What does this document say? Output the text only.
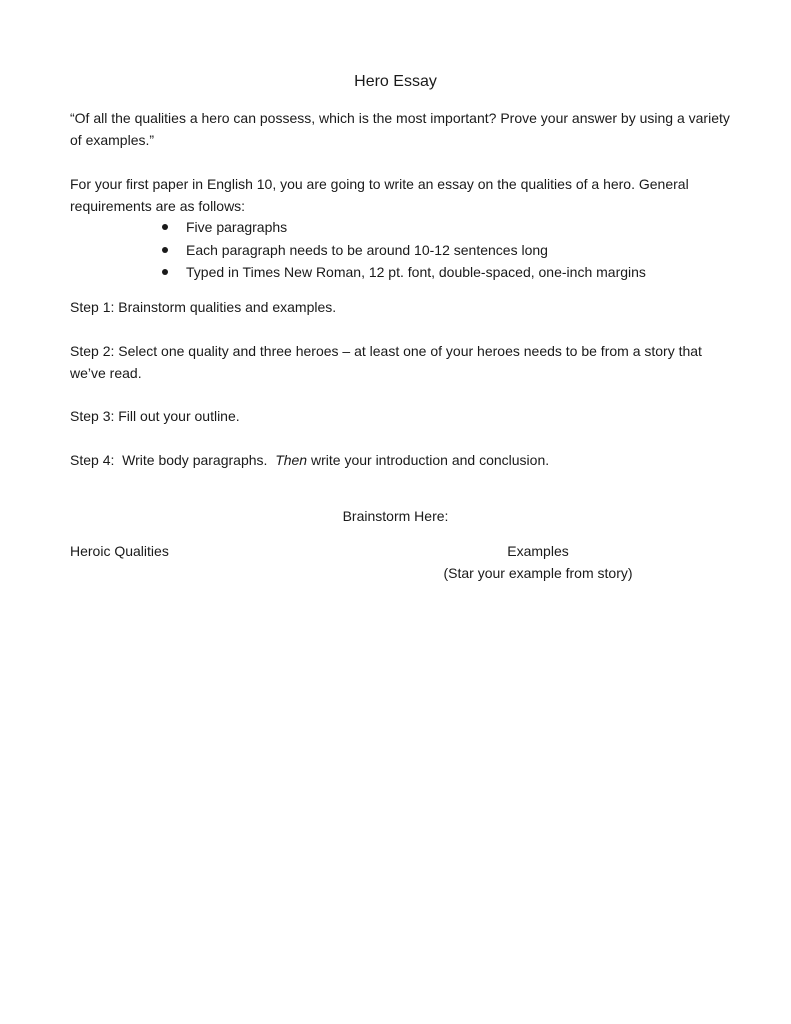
Hero Essay
“Of all the qualities a hero can possess, which is the most important? Prove your answer by using a variety of examples.”
For your first paper in English 10, you are going to write an essay on the qualities of a hero. General requirements are as follows:
Five paragraphs
Each paragraph needs to be around 10-12 sentences long
Typed in Times New Roman, 12 pt. font, double-spaced, one-inch margins
Step 1: Brainstorm qualities and examples.
Step 2: Select one quality and three heroes – at least one of your heroes needs to be from a story that we’ve read.
Step 3: Fill out your outline.
Step 4:  Write body paragraphs.  Then write your introduction and conclusion.
Brainstorm Here:
Heroic Qualities	Examples
(Star your example from story)
